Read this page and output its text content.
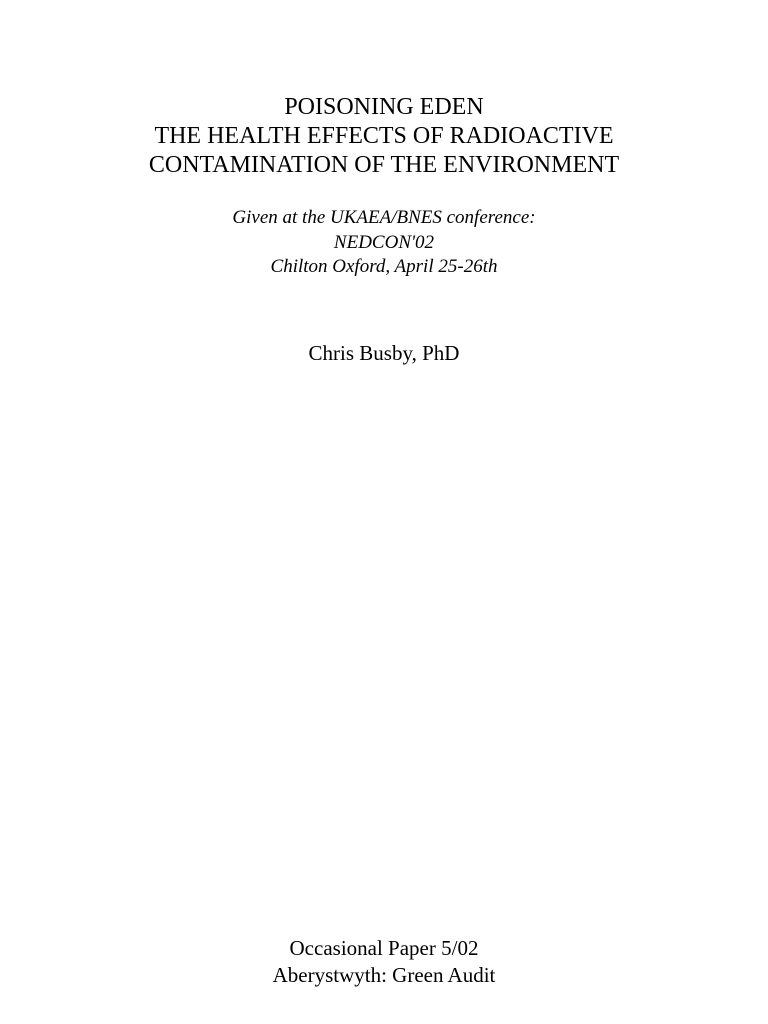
POISONING EDEN
THE HEALTH EFFECTS OF RADIOACTIVE
CONTAMINATION OF THE ENVIRONMENT
Given at the UKAEA/BNES conference:
NEDCON'02
Chilton Oxford, April 25-26th
Chris Busby, PhD
Occasional Paper 5/02
Aberystwyth: Green Audit
